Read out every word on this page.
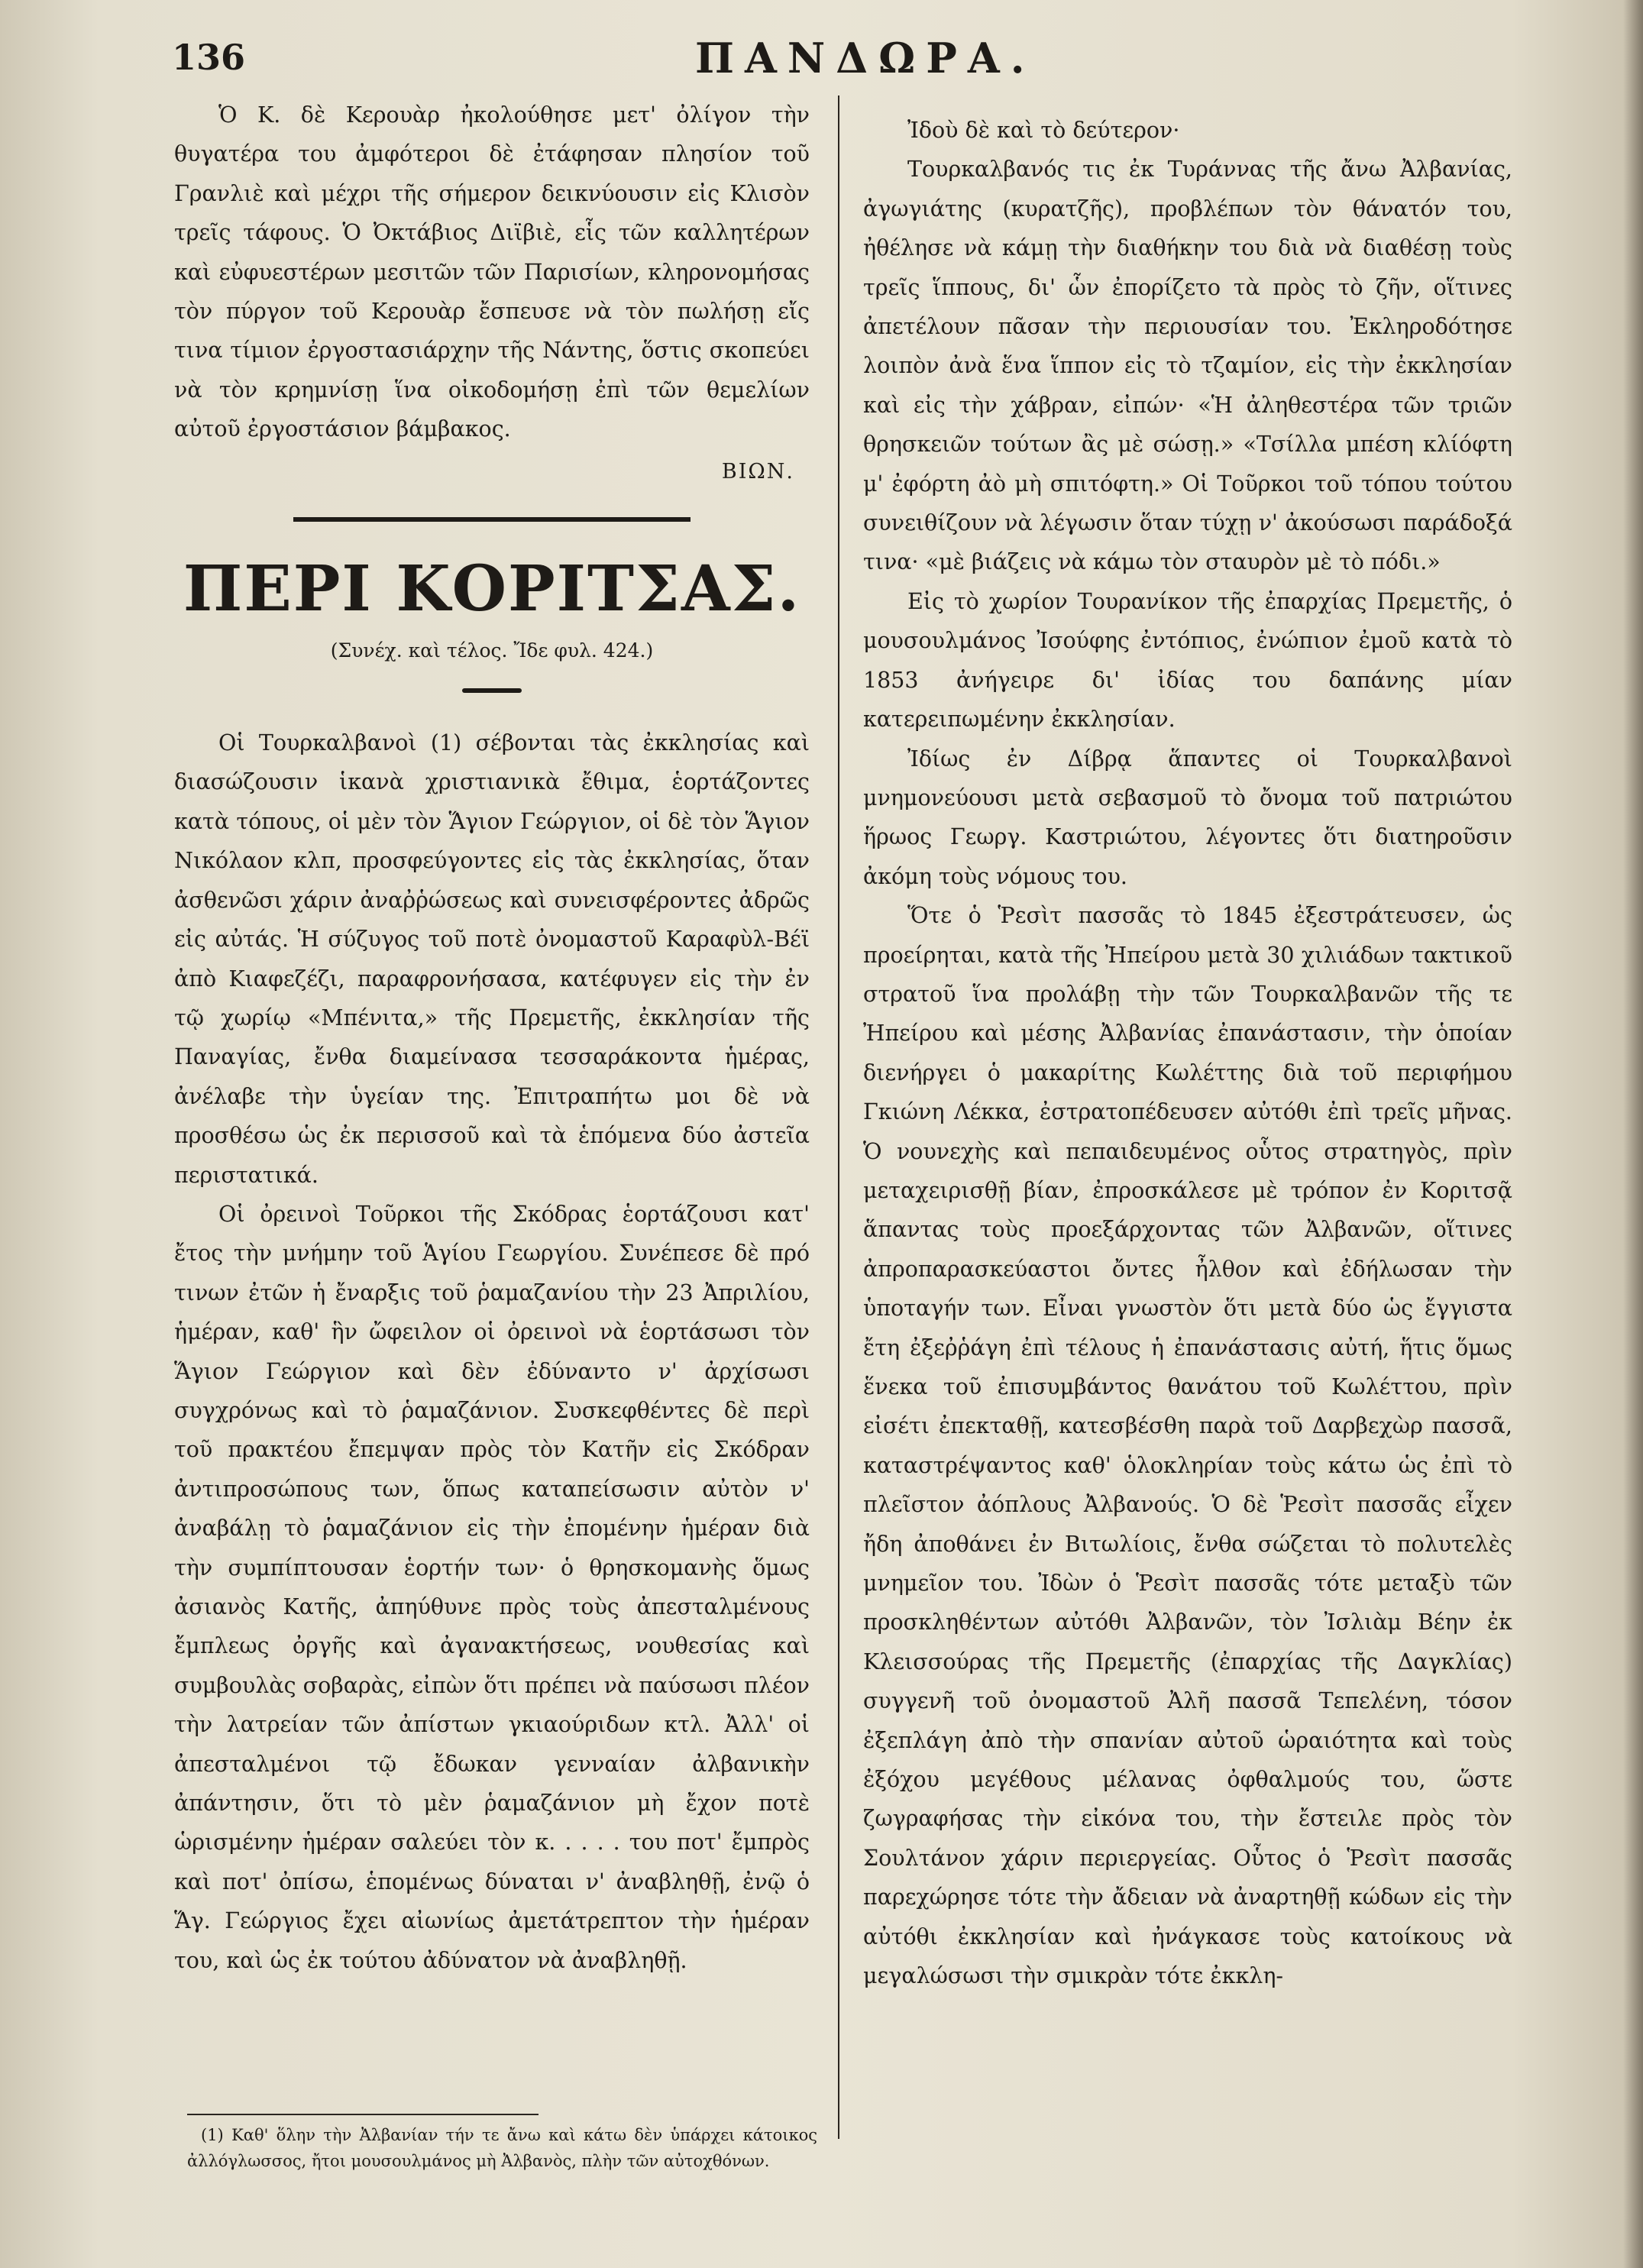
136	ΠΑΝΔΩΡΑ.

Ὁ Κ. δὲ Κερουὰρ ἠκολούθησε μετ' ὀλίγον τὴν θυγατέρα του ἀμφότεροι δὲ ἐτάφησαν πλησίον τοῦ Γρανλιὲ καὶ μέχρι τῆς σήμερον δεικνύουσιν εἰς Κλισὸν τρεῖς τάφους. Ὁ Ὀκτάβιος Διϊβιὲ, εἷς τῶν καλλητέρων καὶ εὐφυεστέρων μεσιτῶν τῶν Παρισίων, κληρονομήσας τὸν πύργον τοῦ Κερουὰρ ἔσπευσε νὰ τὸν πωλήσῃ εἴς τινα τίμιον ἐργοστασιάρχην τῆς Νάντης, ὅστις σκοπεύει νὰ τὸν κρημνίσῃ ἵνα οἰκοδομήσῃ ἐπὶ τῶν θεμελίων αὐτοῦ ἐργοστάσιον βάμβακος.

ΒΙΩΝ.
ΠΕΡΙ ΚΟΡΙΤΣΑΣ.
(Συνέχ. καὶ τέλος. Ἴδε φυλ. 424.)

Οἱ Τουρκαλβανοὶ (1) σέβονται τὰς ἐκκλησίας καὶ διασώζουσιν ἱκανὰ χριστιανικὰ ἔθιμα, ἑορτάζοντες κατὰ τόπους, οἱ μὲν τὸν Ἅγιον Γεώργιον, οἱ δὲ τὸν Ἅγιον Νικόλαον κλπ, προσφεύγοντες εἰς τὰς ἐκκλησίας, ὅταν ἀσθενῶσι χάριν ἀναῤῥώσεως καὶ συνεισφέροντες ἀδρῶς εἰς αὐτάς. Ἡ σύζυγος τοῦ ποτὲ ὀνομαστοῦ Καραφὺλ-Βέϊ ἀπὸ Κιαφεζέζι, παραφρονήσασα, κατέφυγεν εἰς τὴν ἐν τῷ χωρίῳ «Μπένιτα,» τῆς Πρεμετῆς, ἐκκλησίαν τῆς Παναγίας, ἔνθα διαμείνασα τεσσαράκοντα ἡμέρας, ἀνέλαβε τὴν ὑγείαν της. Ἐπιτραπήτω μοι δὲ νὰ προσθέσω ὡς ἐκ περισσοῦ καὶ τὰ ἑπόμενα δύο ἀστεῖα περιστατικά.

Οἱ ὀρεινοὶ Τοῦρκοι τῆς Σκόδρας ἑορτάζουσι κατ' ἔτος τὴν μνήμην τοῦ Ἁγίου Γεωργίου. Συνέπεσε δὲ πρό τινων ἐτῶν ἡ ἔναρξις τοῦ ῥαμαζανίου τὴν 23 Ἀπριλίου, ἡμέραν, καθ' ἣν ὤφειλον οἱ ὀρεινοὶ νὰ ἑορτάσωσι τὸν Ἅγιον Γεώργιον καὶ δὲν ἐδύναντο ν' ἀρχίσωσι συγχρόνως καὶ τὸ ῥαμαζάνιον. Συσκεφθέντες δὲ περὶ τοῦ πρακτέου ἔπεμψαν πρὸς τὸν Κατῆν εἰς Σκόδραν ἀντιπροσώπους των, ὅπως καταπείσωσιν αὐτὸν ν' ἀναβάλῃ τὸ ῥαμαζάνιον εἰς τὴν ἐπομένην ἡμέραν διὰ τὴν συμπίπτουσαν ἑορτήν των· ὁ θρησκομανὴς ὅμως ἀσιανὸς Κατῆς, ἀπηύθυνε πρὸς τοὺς ἀπεσταλμένους ἔμπλεως ὀργῆς καὶ ἀγανακτήσεως, νουθεσίας καὶ συμβουλὰς σοβαρὰς, εἰπὼν ὅτι πρέπει νὰ παύσωσι πλέον τὴν λατρείαν τῶν ἀπίστων γκιαούριδων κτλ. Ἀλλ' οἱ ἀπεσταλμένοι τῷ ἔδωκαν γενναίαν ἀλβανικὴν ἀπάντησιν, ὅτι τὸ μὲν ῥαμαζάνιον μὴ ἔχον ποτὲ ὡρισμένην ἡμέραν σαλεύει τὸν κ. . . . . του ποτ' ἔμπρὸς καὶ ποτ' ὀπίσω, ἑπομένως δύναται ν' ἀναβληθῇ, ἐνῷ ὁ Ἅγ. Γεώργιος ἔχει αἰωνίως ἀμετάτρεπτον τὴν ἡμέραν του, καὶ ὡς ἐκ τούτου ἀδύνατον νὰ ἀναβληθῇ.

(1) Καθ' ὅλην τὴν Ἀλβανίαν τήν τε ἄνω καὶ κάτω δὲν ὑπάρχει κάτοικος ἀλλόγλωσσος, ἤτοι μουσουλμάνος μὴ Ἀλβανὸς, πλὴν τῶν αὐτοχθόνων.

Ἰδοὺ δὲ καὶ τὸ δεύτερον·

Τουρκαλβανός τις ἐκ Τυράννας τῆς ἄνω Ἀλβανίας, ἀγωγιάτης (κυρατζῆς), προβλέπων τὸν θάνατόν του, ἠθέλησε νὰ κάμῃ τὴν διαθήκην του διὰ νὰ διαθέσῃ τοὺς τρεῖς ἵππους, δι' ὧν ἐπορίζετο τὰ πρὸς τὸ ζῆν, οἵτινες ἀπετέλουν πᾶσαν τὴν περιουσίαν του. Ἐκληροδότησε λοιπὸν ἀνὰ ἕνα ἵππον εἰς τὸ τζαμίον, εἰς τὴν ἐκκλησίαν καὶ εἰς τὴν χάβραν, εἰπών· «Ἡ ἀληθεστέρα τῶν τριῶν θρησκειῶν τούτων ἂς μὲ σώσῃ.» «Τσίλλα μπέση κλίόφτη μ' ἐφόρτη ἀὸ μὴ σπιτόφτη.» Οἱ Τοῦρκοι τοῦ τόπου τούτου συνειθίζουν νὰ λέγωσιν ὅταν τύχῃ ν' ἀκούσωσι παράδοξά τινα· «μὲ βιάζεις νὰ κάμω τὸν σταυρὸν μὲ τὸ πόδι.»

Εἰς τὸ χωρίον Τουρανίκον τῆς ἐπαρχίας Πρεμετῆς, ὁ μουσουλμάνος Ἰσούφης ἐντόπιος, ἐνώπιον ἐμοῦ κατὰ τὸ 1853 ἀνήγειρε δι' ἰδίας του δαπάνης μίαν κατερειπωμένην ἐκκλησίαν.

Ἰδίως ἐν Δίβρᾳ ἅπαντες οἱ Τουρκαλβανοὶ μνημονεύουσι μετὰ σεβασμοῦ τὸ ὄνομα τοῦ πατριώτου ἥρωος Γεωργ. Καστριώτου, λέγοντες ὅτι διατηροῦσιν ἀκόμη τοὺς νόμους του.

Ὅτε ὁ Ῥεσὶτ πασσᾶς τὸ 1845 ἐξεστράτευσεν, ὡς προείρηται, κατὰ τῆς Ἠπείρου μετὰ 30 χιλιάδων τακτικοῦ στρατοῦ ἵνα προλάβῃ τὴν τῶν Τουρκαλβανῶν τῆς τε Ἠπείρου καὶ μέσης Ἀλβανίας ἐπανάστασιν, τὴν ὁποίαν διενήργει ὁ μακαρίτης Κωλέττης διὰ τοῦ περιφήμου Γκιώνη Λέκκα, ἐστρατοπέδευσεν αὐτόθι ἐπὶ τρεῖς μῆνας. Ὁ νουνεχὴς καὶ πεπαιδευμένος οὗτος στρατηγὸς, πρὶν μεταχειρισθῇ βίαν, ἐπροσκάλεσε μὲ τρόπον ἐν Κοριτσᾷ ἅπαντας τοὺς προεξάρχοντας τῶν Ἀλβανῶν, οἵτινες ἀπροπαρασκεύαστοι ὄντες ἦλθον καὶ ἐδήλωσαν τὴν ὑποταγήν των. Εἶναι γνωστὸν ὅτι μετὰ δύο ὡς ἔγγιστα ἔτη ἐξεῤῥάγη ἐπὶ τέλους ἡ ἐπανάστασις αὐτή, ἥτις ὅμως ἕνεκα τοῦ ἐπισυμβάντος θανάτου τοῦ Κωλέττου, πρὶν εἰσέτι ἐπεκταθῇ, κατεσβέσθη παρὰ τοῦ Δαρβεχὼρ πασσᾶ, καταστρέψαντος καθ' ὁλοκληρίαν τοὺς κάτω ὡς ἐπὶ τὸ πλεῖστον ἀόπλους Ἀλβανούς. Ὁ δὲ Ῥεσὶτ πασσᾶς εἶχεν ἤδη ἀποθάνει ἐν Βιτωλίοις, ἔνθα σώζεται τὸ πολυτελὲς μνημεῖον του. Ἰδὼν ὁ Ῥεσὶτ πασσᾶς τότε μεταξὺ τῶν προσκληθέντων αὐτόθι Ἀλβανῶν, τὸν Ἰσλιὰμ Βέην ἐκ Κλεισσούρας τῆς Πρεμετῆς (ἐπαρχίας τῆς Δαγκλίας) συγγενῆ τοῦ ὀνομαστοῦ Ἀλῆ πασσᾶ Τεπελένη, τόσον ἐξεπλάγη ἀπὸ τὴν σπανίαν αὐτοῦ ὡραιότητα καὶ τοὺς ἐξόχου μεγέθους μέλανας ὀφθαλμούς του, ὥστε ζωγραφήσας τὴν εἰκόνα του, τὴν ἔστειλε πρὸς τὸν Σουλτάνον χάριν περιεργείας. Οὗτος ὁ Ῥεσὶτ πασσᾶς παρεχώρησε τότε τὴν ἄδειαν νὰ ἀναρτηθῇ κώδων εἰς τὴν αὐτόθι ἐκκλησίαν καὶ ἠνάγκασε τοὺς κατοίκους νὰ μεγαλώσωσι τὴν σμικρὰν τότε ἐκκλη-
